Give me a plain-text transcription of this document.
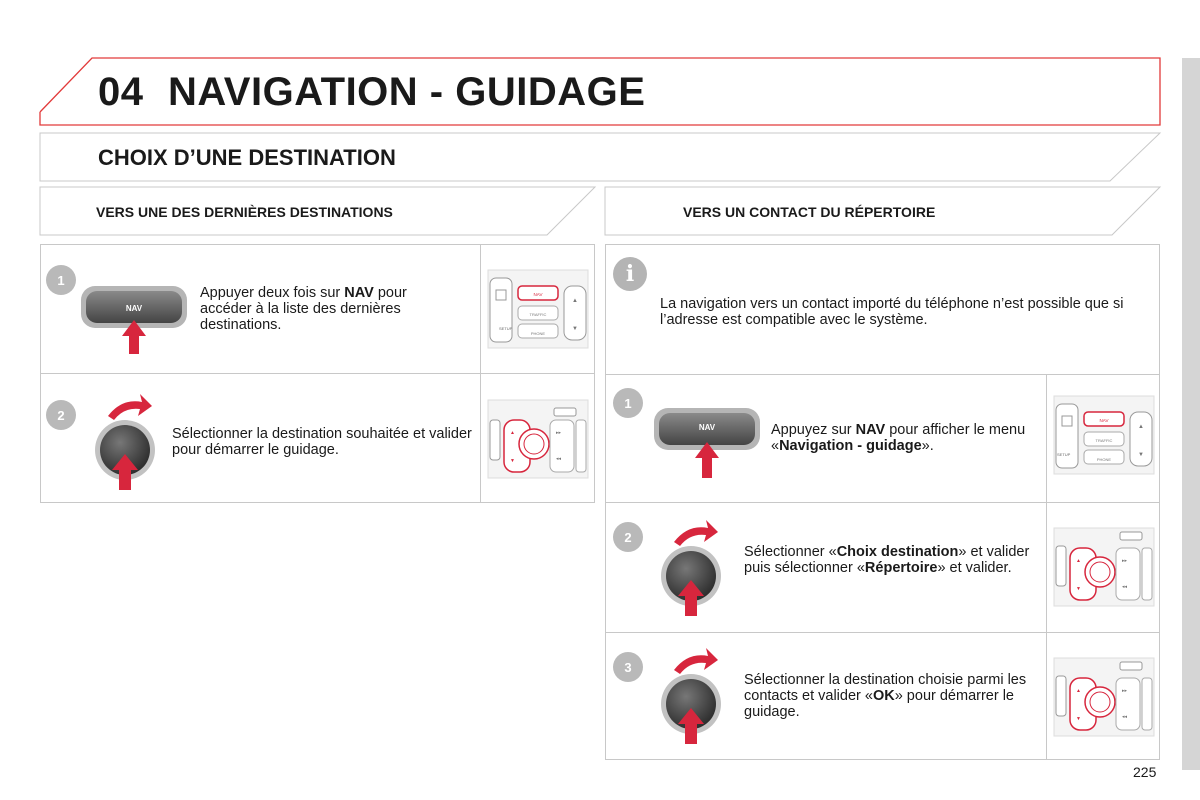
04 NAVIGATION - GUIDAGE
CHOIX D’UNE DESTINATION
VERS UNE DES DERNIÈRES DESTINATIONS	VERS UN CONTACT DU RÉPERTOIRE
1
NAV
Appuyer deux fois sur NAV pour accéder à la liste des dernières destinations.	SETUP
NAV
TRAFFIC
PHONE
▲
▼
2
Sélectionner la destination souhaitée et valider pour démarrer le guidage.
▲
▼
▸▸
◂◂
i
La navigation vers un contact importé du téléphone n’est possible que si l’adresse est compatible avec le système.
1
NAV	Appuyez sur NAV pour afficher le menu «Navigation - guidage».
SETUP
NAV
TRAFFIC
PHONE
▲
▼
2
Sélectionner «Choix destination» et valider puis sélectionner «Répertoire» et valider.	▲
▼
▸▸
◂◂
3
Sélectionner la destination choisie parmi les contacts et valider «OK» pour démarrer le guidage.
▲
▼
▸▸
◂◂
225
